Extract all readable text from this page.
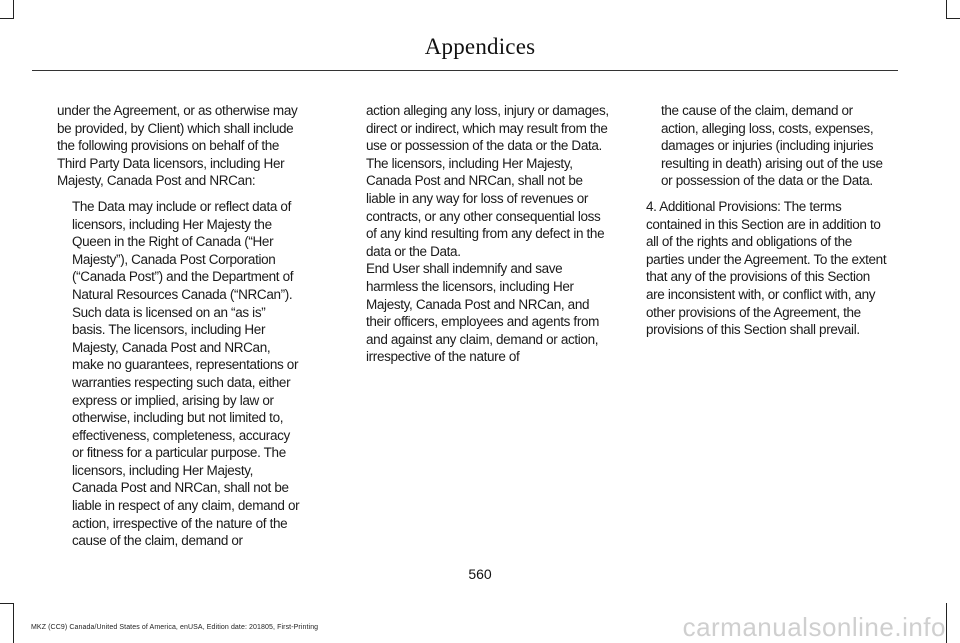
Appendices

under the Agreement, or as otherwise may be provided, by Client) which shall include the following provisions on behalf of the Third Party Data licensors, including Her Majesty, Canada Post and NRCan:

The Data may include or reflect data of licensors, including Her Majesty the Queen in the Right of Canada (“Her Majesty”), Canada Post Corporation (“Canada Post”) and the Department of Natural Resources Canada (“NRCan”). Such data is licensed on an “as is” basis. The licensors, including Her Majesty, Canada Post and NRCan, make no guarantees, representations or warranties respecting such data, either express or implied, arising by law or otherwise, including but not limited to, effectiveness, completeness, accuracy or fitness for a particular purpose. The licensors, including Her Majesty, Canada Post and NRCan, shall not be liable in respect of any claim, demand or action, irrespective of the nature of the cause of the claim, demand or

action alleging any loss, injury or damages, direct or indirect, which may result from the use or possession of the data or the Data. The licensors, including Her Majesty, Canada Post and NRCan, shall not be liable in any way for loss of revenues or contracts, or any other consequential loss of any kind resulting from any defect in the data or the Data.

End User shall indemnify and save harmless the licensors, including Her Majesty, Canada Post and NRCan, and their officers, employees and agents from and against any claim, demand or action, irrespective of the nature of

the cause of the claim, demand or action, alleging loss, costs, expenses, damages or injuries (including injuries resulting in death) arising out of the use or possession of the data or the Data.

4. Additional Provisions: The terms contained in this Section are in addition to all of the rights and obligations of the parties under the Agreement. To the extent that any of the provisions of this Section are inconsistent with, or conflict with, any other provisions of the Agreement, the provisions of this Section shall prevail.

560
MKZ (CC9) Canada/United States of America, enUSA, Edition date: 201805, First-Printing	carmanualsonline.info
